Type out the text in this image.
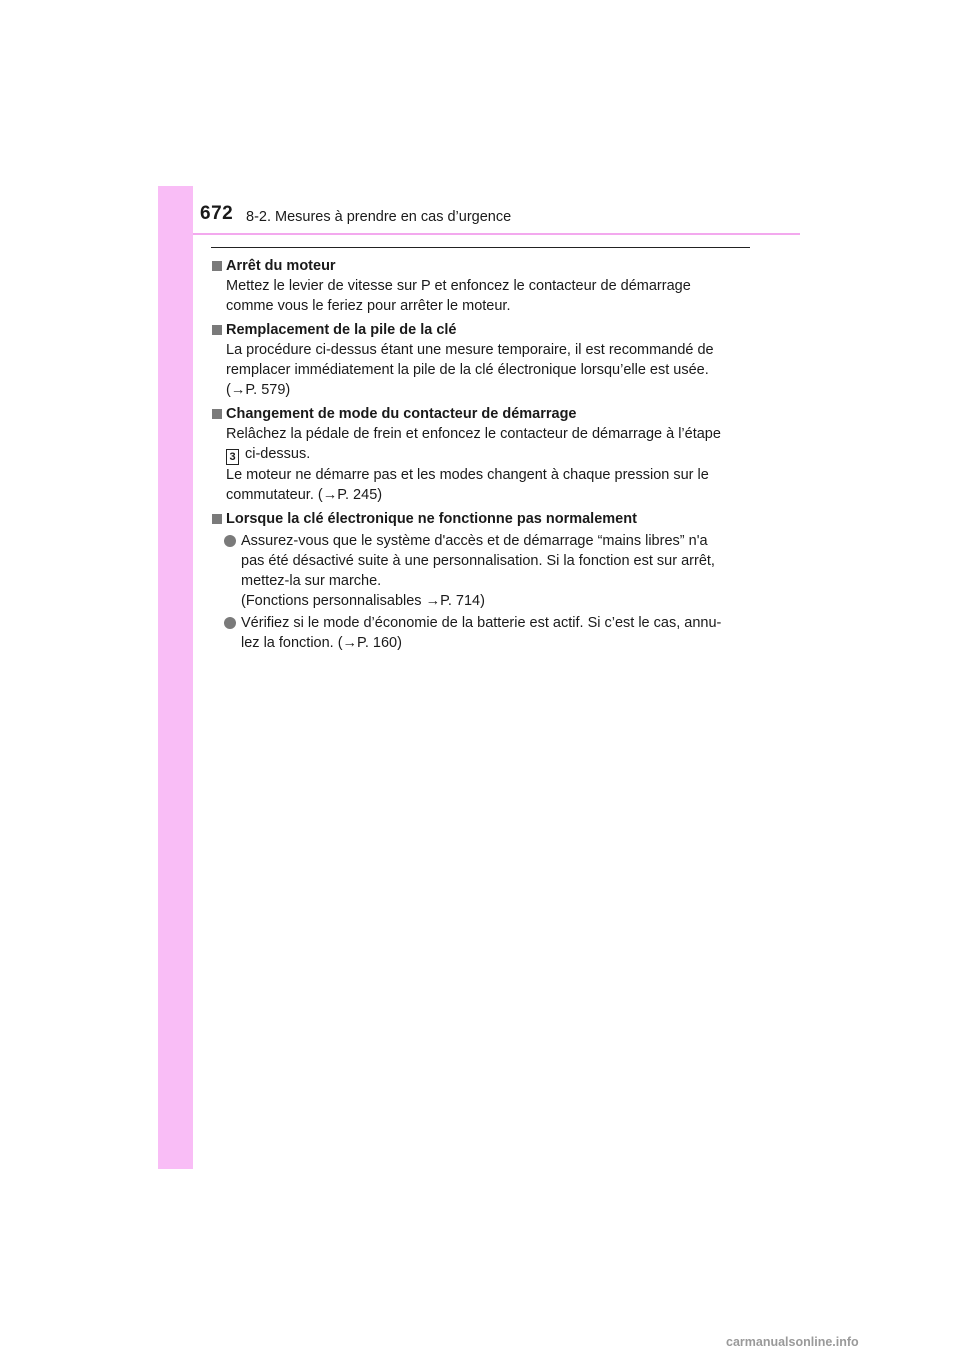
672 8-2. Mesures à prendre en cas d’urgence
Arrêt du moteur
Mettez le levier de vitesse sur P et enfoncez le contacteur de démarrage
comme vous le feriez pour arrêter le moteur.
Remplacement de la pile de la clé
La procédure ci-dessus étant une mesure temporaire, il est recommandé de
remplacer immédiatement la pile de la clé électronique lorsqu’elle est usée.
(→P. 579)
Changement de mode du contacteur de démarrage
Relâchez la pédale de frein et enfoncez le contacteur de démarrage à l’étape
3 ci-dessus.
Le moteur ne démarre pas et les modes changent à chaque pression sur le
commutateur. (→P. 245)
Lorsque la clé électronique ne fonctionne pas normalement
Assurez-vous que le système d'accès et de démarrage “mains libres” n'a
pas été désactivé suite à une personnalisation. Si la fonction est sur arrêt,
mettez-la sur marche.
(Fonctions personnalisables →P. 714)
Vérifiez si le mode d’économie de la batterie est actif. Si c’est le cas, annu-
lez la fonction. (→P. 160)
carmanualsonline.info
